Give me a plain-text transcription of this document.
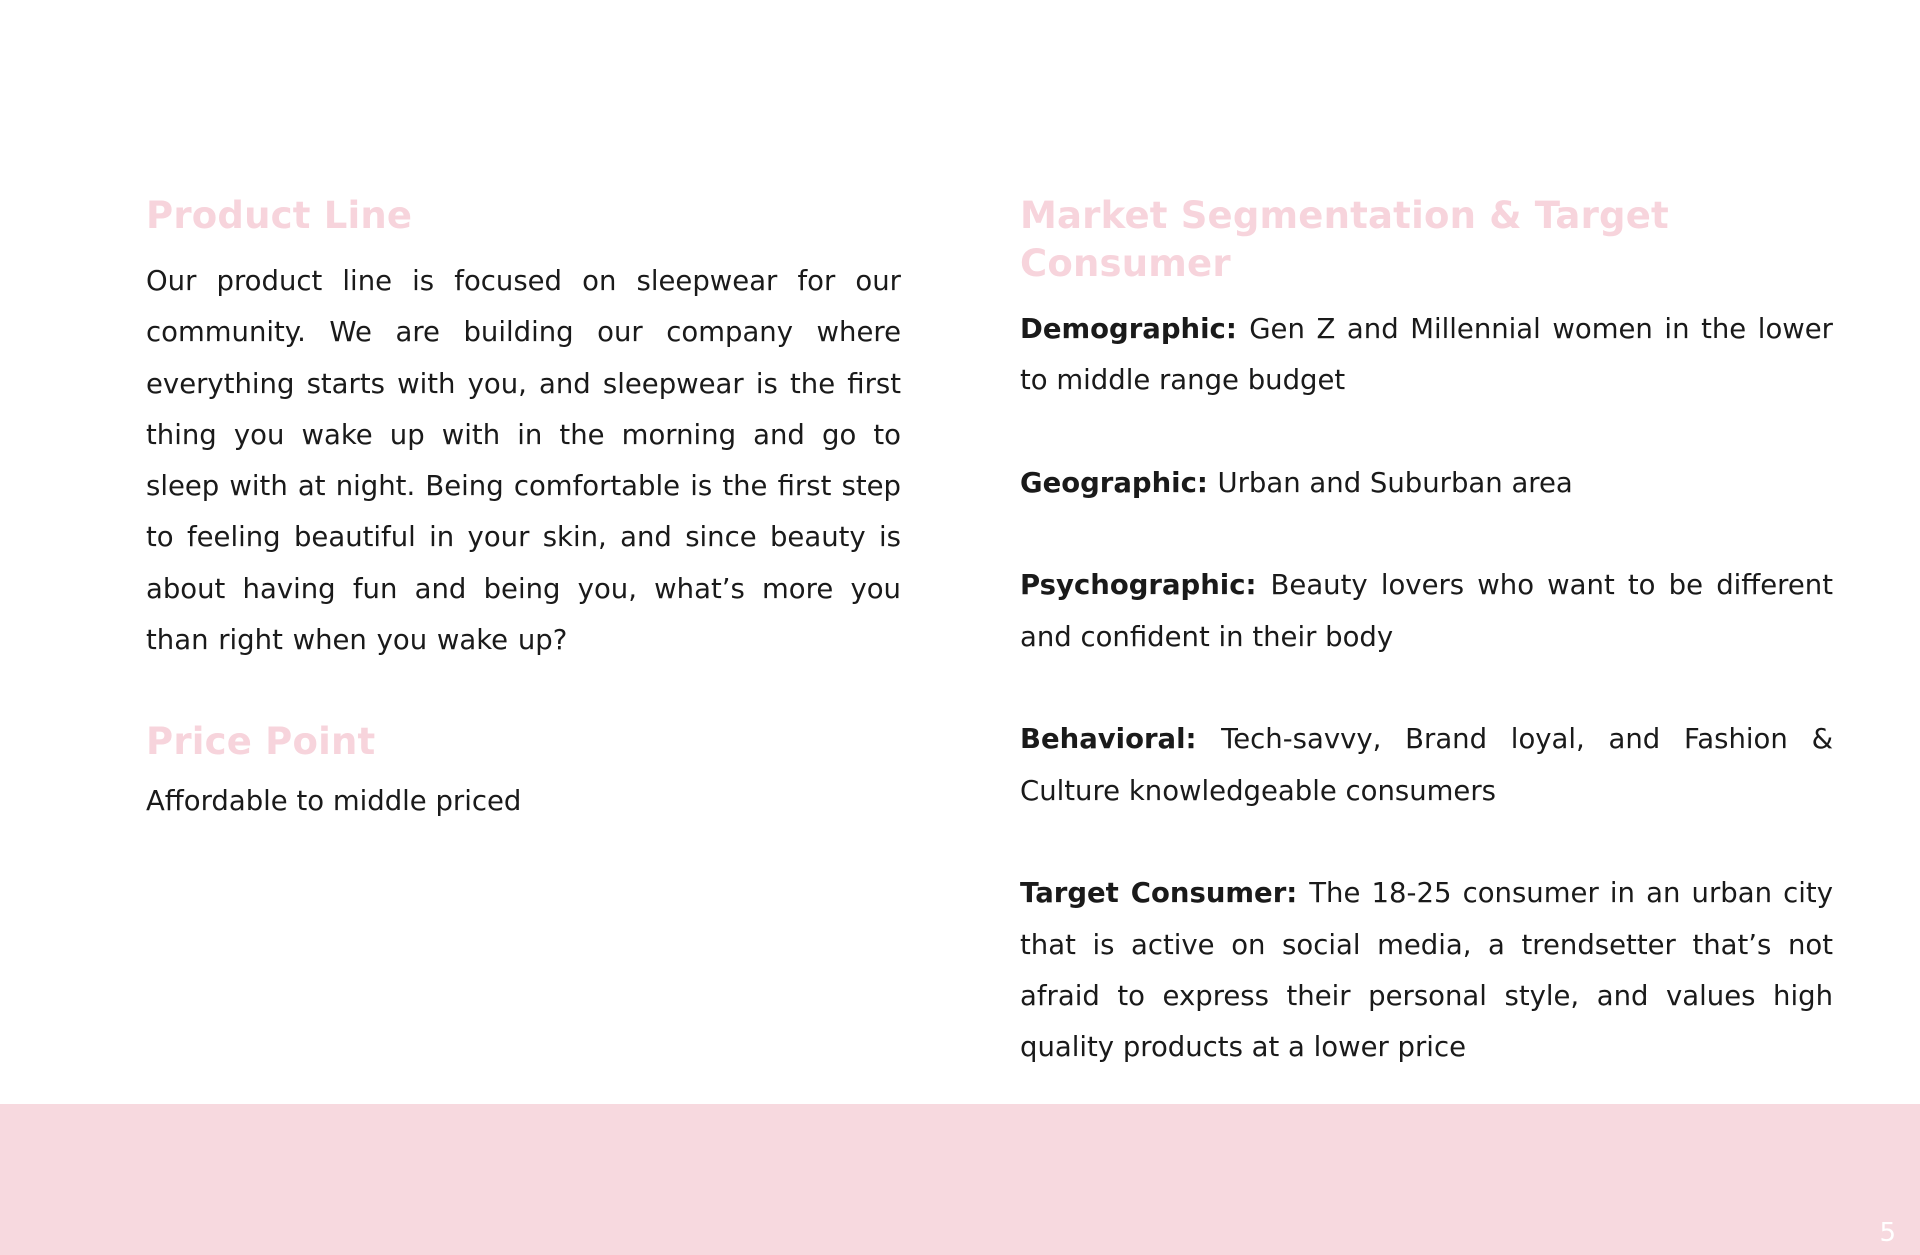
Product Line

Our product line is focused on sleepwear for our community. We are building our company where everything starts with you, and sleepwear is the first thing you wake up with in the morning and go to sleep with at night. Being comfortable is the first step to feeling beautiful in your skin, and since beauty is about having fun and being you, what’s more you than right when you wake up?

Price Point

Affordable to middle priced

Market Segmentation & Target Consumer

Demographic: Gen Z and Millennial women in the lower to middle range budget

Geographic: Urban and Suburban area

Psychographic: Beauty lovers who want to be different and confident in their body

Behavioral: Tech-savvy, Brand loyal, and Fashion & Culture knowledgeable consumers

Target Consumer: The 18-25 consumer in an urban city that is active on social media, a trendsetter that’s not afraid to express their personal style, and values high quality products at a lower price

5
